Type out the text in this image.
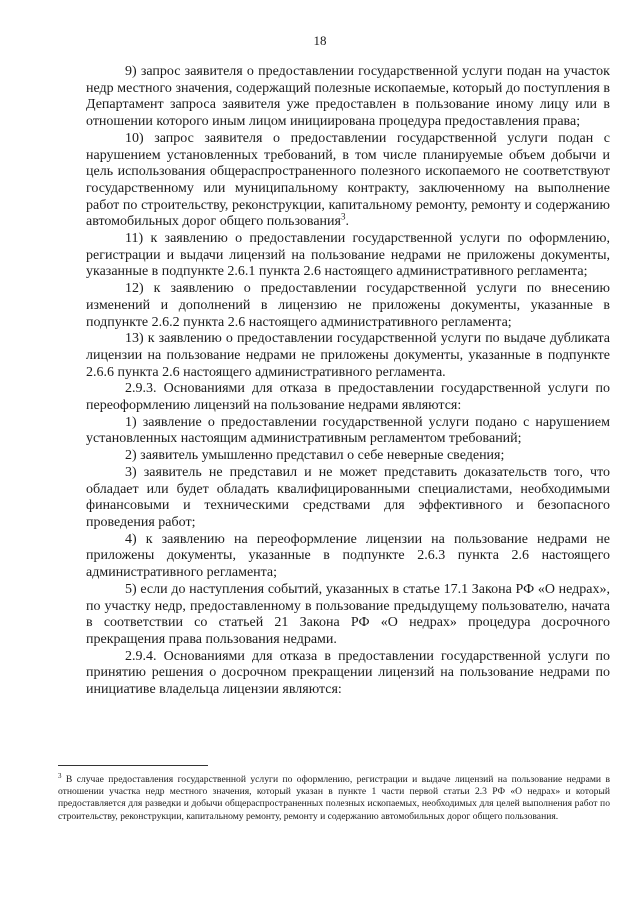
18

9) запрос заявителя о предоставлении государственной услуги подан на участок недр местного значения, содержащий полезные ископаемые, который до поступления в Департамент запроса заявителя уже предоставлен в пользование иному лицу или в отношении которого иным лицом инициирована процедура предоставления права;

10) запрос заявителя о предоставлении государственной услуги подан с нарушением установленных требований, в том числе планируемые объем добычи и цель использования общераспространенного полезного ископаемого не соответствуют государственному или муниципальному контракту, заключенному на выполнение работ по строительству, реконструкции, капитальному ремонту, ремонту и содержанию автомобильных дорог общего пользования$^3$.

11) к заявлению о предоставлении государственной услуги по оформлению, регистрации и выдачи лицензий на пользование недрами не приложены документы, указанные в подпункте 2.6.1 пункта 2.6 настоящего административного регламента;

12) к заявлению о предоставлении государственной услуги по внесению изменений и дополнений в лицензию не приложены документы, указанные в подпункте 2.6.2 пункта 2.6 настоящего административного регламента;

13) к заявлению о предоставлении государственной услуги по выдаче дубликата лицензии на пользование недрами не приложены документы, указанные в подпункте 2.6.6 пункта 2.6 настоящего административного регламента.

2.9.3. Основаниями для отказа в предоставлении государственной услуги по переоформлению лицензий на пользование недрами являются:

1) заявление о предоставлении государственной услуги подано с нарушением установленных настоящим административным регламентом требований;

2) заявитель умышленно представил о себе неверные сведения;

3) заявитель не представил и не может представить доказательств того, что обладает или будет обладать квалифицированными специалистами, необходимыми финансовыми и техническими средствами для эффективного и безопасного проведения работ;

4) к заявлению на переоформление лицензии на пользование недрами не приложены документы, указанные в подпункте 2.6.3 пункта 2.6 настоящего административного регламента;

5) если до наступления событий, указанных в статье 17.1 Закона РФ «О недрах», по участку недр, предоставленному в пользование предыдущему пользователю, начата в соответствии со статьей 21 Закона РФ «О недрах» процедура досрочного прекращения права пользования недрами.

2.9.4. Основаниями для отказа в предоставлении государственной услуги по принятию решения о досрочном прекращении лицензий на пользование недрами по инициативе владельца лицензии являются:

$^3$ В случае предоставления государственной услуги по оформлению, регистрации и выдаче лицензий на пользование недрами в отношении участка недр местного значения, который указан в пункте 1 части первой статьи 2.3 РФ «О недрах» и который предоставляется для разведки и добычи общераспространенных полезных ископаемых, необходимых для целей выполнения работ по строительству, реконструкции, капитальному ремонту, ремонту и содержанию автомобильных дорог общего пользования.
